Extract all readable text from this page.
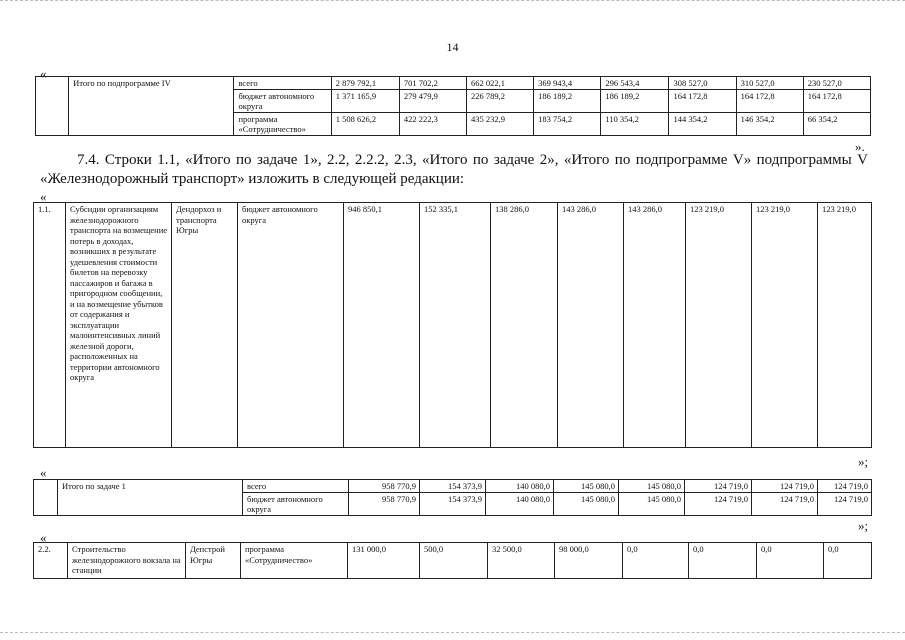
14
«
	Итого по подпрограмме IV	всего	2 879 792,1	701 702,2	662 022,1	369 943,4	296 543,4	308 527,0	310 527,0	230 527,0
		бюджет автономного округа	1 371 165,9	279 479,9	226 789,2	186 189,2	186 189,2	164 172,8	164 172,8	164 172,8
		программа «Сотрудничество»	1 508 626,2	422 222,3	435 232,9	183 754,2	110 354,2	144 354,2	146 354,2	66 354,2
».
7.4. Строки 1.1, «Итого по задаче 1», 2.2, 2.2.2, 2.3, «Итого по задаче 2», «Итого по подпрограмме V» подпрограммы V «Железнодорожный транспорт» изложить в следующей редакции:
«
1.1.	Субсидии организациям железнодорожного транспорта на возмещение потерь в доходах, возникших в результате удешевления стоимости билетов на перевозку пассажиров и багажа в пригородном сообщении, и на возмещение убытков от содержания и эксплуатации малоинтенсивных линий железной дороги, расположенных на территории автономного округа	Дендорхоз и транспорта Югры	бюджет автономного округа	946 850,1	152 335,1	138 286,0	143 286,0	143 286,0	123 219,0	123 219,0	123 219,0
»;
«
	Итого по задаче 1	всего	958 770,9	154 373,9	140 080,0	145 080,0	145 080,0	124 719,0	124 719,0	124 719,0
		бюджет автономного округа	958 770,9	154 373,9	140 080,0	145 080,0	145 080,0	124 719,0	124 719,0	124 719,0
»;
«
2.2.	Строительство железнодорожного вокзала на станции	Депстрой Югры	программа «Сотрудничество»	131 000,0	500,0	32 500,0	98 000,0	0,0	0,0	0,0	0,0
